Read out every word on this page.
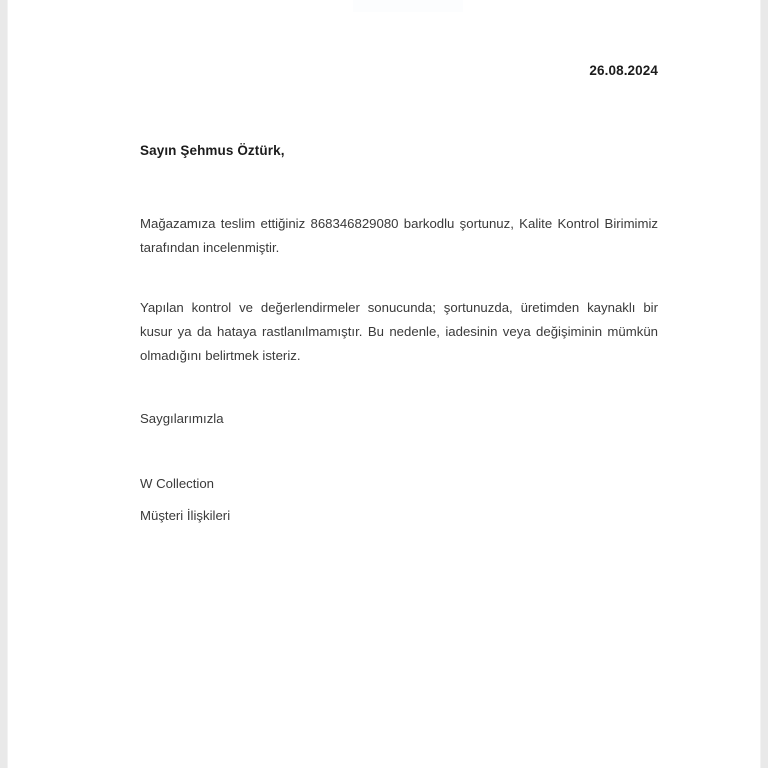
26.08.2024
Sayın Şehmus Öztürk,

Mağazamıza teslim ettiğiniz 868346829080 barkodlu şortunuz, Kalite Kontrol Birimimiz tarafından incelenmiştir.

Yapılan kontrol ve değerlendirmeler sonucunda; şortunuzda, üretimden kaynaklı bir kusur ya da hataya rastlanılmamıştır. Bu nedenle, iadesinin veya değişiminin mümkün olmadığını belirtmek isteriz.

Saygılarımızla
W Collection
Müşteri İlişkileri
